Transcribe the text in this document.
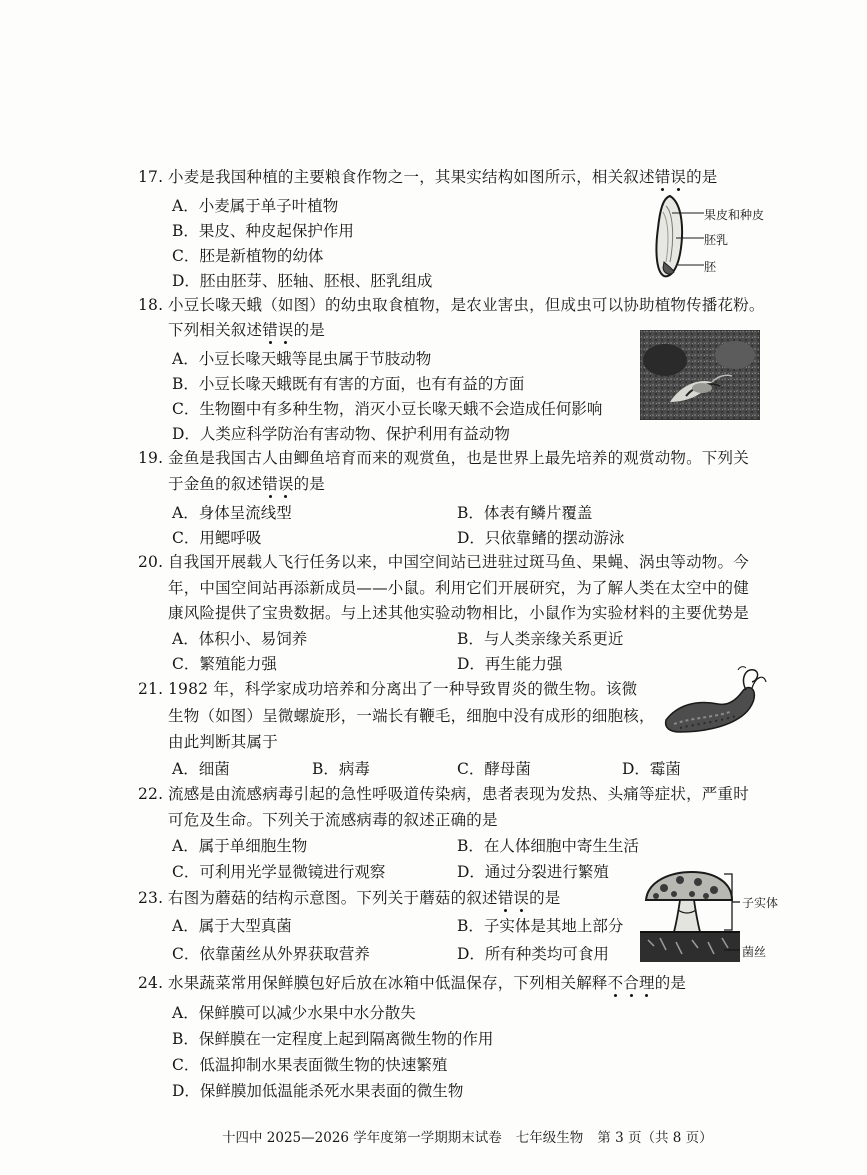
17. 小麦是我国种植的主要粮食作物之一，其果实结构如图所示，相关叙述错误的是
A．小麦属于单子叶植物
B．果皮、种皮起保护作用
C．胚是新植物的幼体
D．胚由胚芽、胚轴、胚根、胚乳组成
果皮和种皮
胚乳
胚
18. 小豆长喙天蛾（如图）的幼虫取食植物，是农业害虫，但成虫可以协助植物传播花粉。
下列相关叙述错误的是
A．小豆长喙天蛾等昆虫属于节肢动物
B．小豆长喙天蛾既有有害的方面，也有有益的方面
C．生物圈中有多种生物，消灭小豆长喙天蛾不会造成任何影响
D．人类应科学防治有害动物、保护利用有益动物
19. 金鱼是我国古人由鲫鱼培育而来的观赏鱼，也是世界上最先培养的观赏动物。下列关
于金鱼的叙述错误的是
A．身体呈流线型	B．体表有鳞片覆盖
C．用鳃呼吸	D．只依靠鳍的摆动游泳
20. 自我国开展载人飞行任务以来，中国空间站已进驻过斑马鱼、果蝇、涡虫等动物。今
年，中国空间站再添新成员——小鼠。利用它们开展研究，为了解人类在太空中的健
康风险提供了宝贵数据。与上述其他实验动物相比，小鼠作为实验材料的主要优势是
A．体积小、易饲养	B．与人类亲缘关系更近
C．繁殖能力强	D．再生能力强
21. 1982 年，科学家成功培养和分离出了一种导致胃炎的微生物。该微
生物（如图）呈微螺旋形，一端长有鞭毛，细胞中没有成形的细胞核，
由此判断其属于
A．细菌	B．病毒	C．酵母菌	D．霉菌
22. 流感是由流感病毒引起的急性呼吸道传染病，患者表现为发热、头痛等症状，严重时
可危及生命。下列关于流感病毒的叙述正确的是
A．属于单细胞生物	B．在人体细胞中寄生生活
C．可利用光学显微镜进行观察	D．通过分裂进行繁殖
23. 右图为蘑菇的结构示意图。下列关于蘑菇的叙述错误的是
A．属于大型真菌	B．子实体是其地上部分
C．依靠菌丝从外界获取营养	D．所有种类均可食用
子实体
菌丝
24. 水果蔬菜常用保鲜膜包好后放在冰箱中低温保存，下列相关解释不合理的是
A．保鲜膜可以减少水果中水分散失
B．保鲜膜在一定程度上起到隔离微生物的作用
C．低温抑制水果表面微生物的快速繁殖
D．保鲜膜加低温能杀死水果表面的微生物
十四中 2025—2026 学年度第一学期期末试卷 七年级生物 第 3 页（共 8 页）
